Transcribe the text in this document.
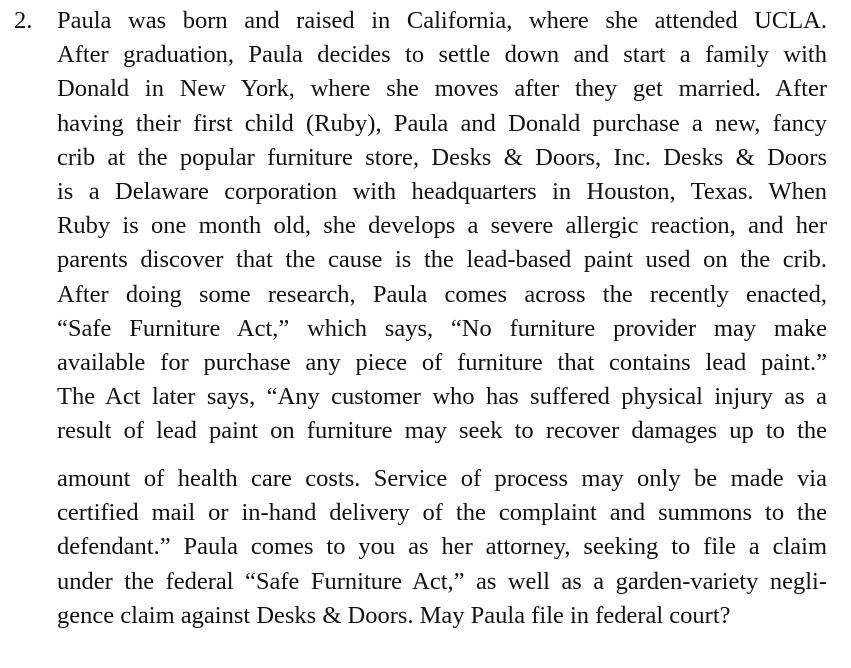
2. Paula was born and raised in California, where she attended UCLA.
After graduation, Paula decides to settle down and start a family with
Donald in New York, where she moves after they get married. After
having their first child (Ruby), Paula and Donald purchase a new, fancy
crib at the popular furniture store, Desks & Doors, Inc. Desks & Doors
is a Delaware corporation with headquarters in Houston, Texas. When
Ruby is one month old, she develops a severe allergic reaction, and her
parents discover that the cause is the lead-based paint used on the crib.
After doing some research, Paula comes across the recently enacted,
“Safe Furniture Act,” which says, “No furniture provider may make
available for purchase any piece of furniture that contains lead paint.”
The Act later says, “Any customer who has suffered physical injury as a
result of lead paint on furniture may seek to recover damages up to the
amount of health care costs. Service of process may only be made via
certified mail or in-hand delivery of the complaint and summons to the
defendant.” Paula comes to you as her attorney, seeking to file a claim
under the federal “Safe Furniture Act,” as well as a garden-variety negli-
gence claim against Desks & Doors. May Paula file in federal court?
